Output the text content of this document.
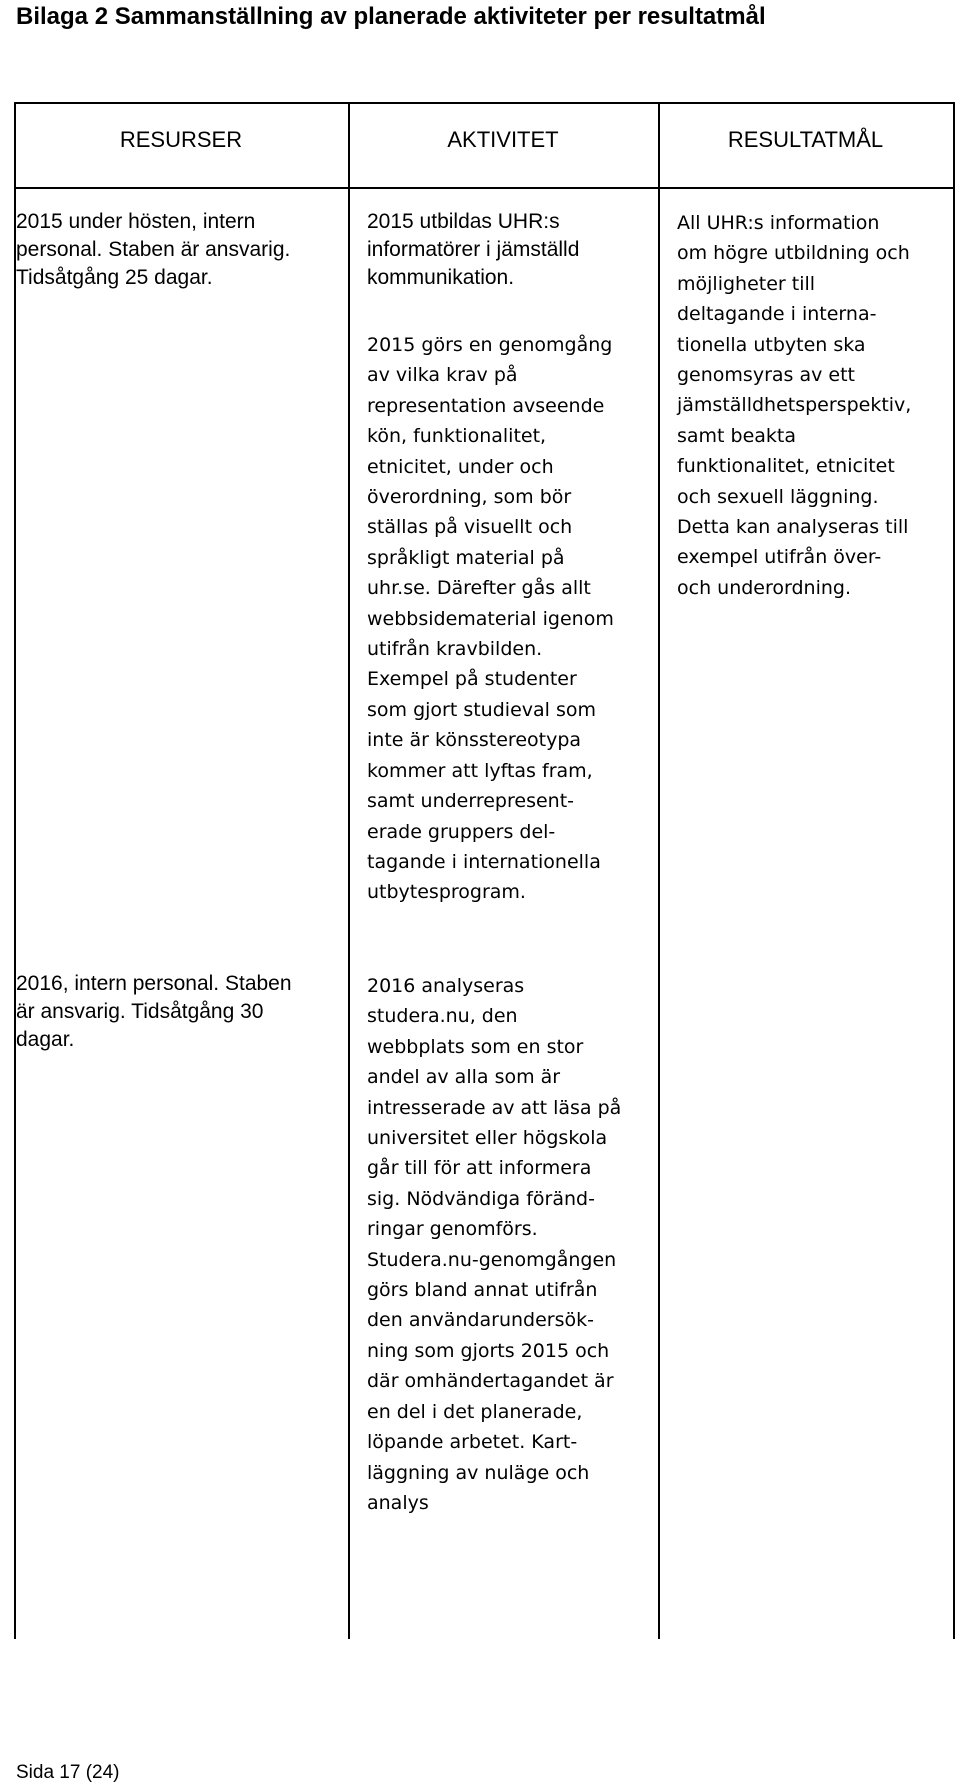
Bilaga 2 Sammanställning av planerade aktiviteter per resultatmål
RESURSER	AKTIVITET	RESULTATMÅL
2015 under hösten, intern
personal. Staben är ansvarig.
Tidsåtgång 25 dagar.
2015 utbildas UHR:s
informatörer i jämställd
kommunikation.
2015 görs en genomgång
av vilka krav på
representation avseende
kön, funktionalitet,
etnicitet, under och
överordning, som bör
ställas på visuellt och
språkligt material på
uhr.se. Därefter gås allt
webbsidematerial igenom
utifrån kravbilden.
Exempel på studenter
som gjort studieval som
inte är könsstereotypa
kommer att lyftas fram,
samt underrepresent-
erade gruppers del-
tagande i internationella
utbytesprogram.
All UHR:s information
om högre utbildning och
möjligheter till
deltagande i interna-
tionella utbyten ska
genomsyras av ett
jämställdhetsperspektiv,
samt beakta
funktionalitet, etnicitet
och sexuell läggning.
Detta kan analyseras till
exempel utifrån över-
och underordning.
2016, intern personal. Staben
är ansvarig. Tidsåtgång 30
dagar.
2016 analyseras
studera.nu, den
webbplats som en stor
andel av alla som är
intresserade av att läsa på
universitet eller högskola
går till för att informera
sig. Nödvändiga föränd-
ringar genomförs.
Studera.nu-genomgången
görs bland annat utifrån
den användarundersök-
ning som gjorts 2015 och
där omhändertagandet är
en del i det planerade,
löpande arbetet. Kart-
läggning av nuläge och
analys
Sida 17 (24)
